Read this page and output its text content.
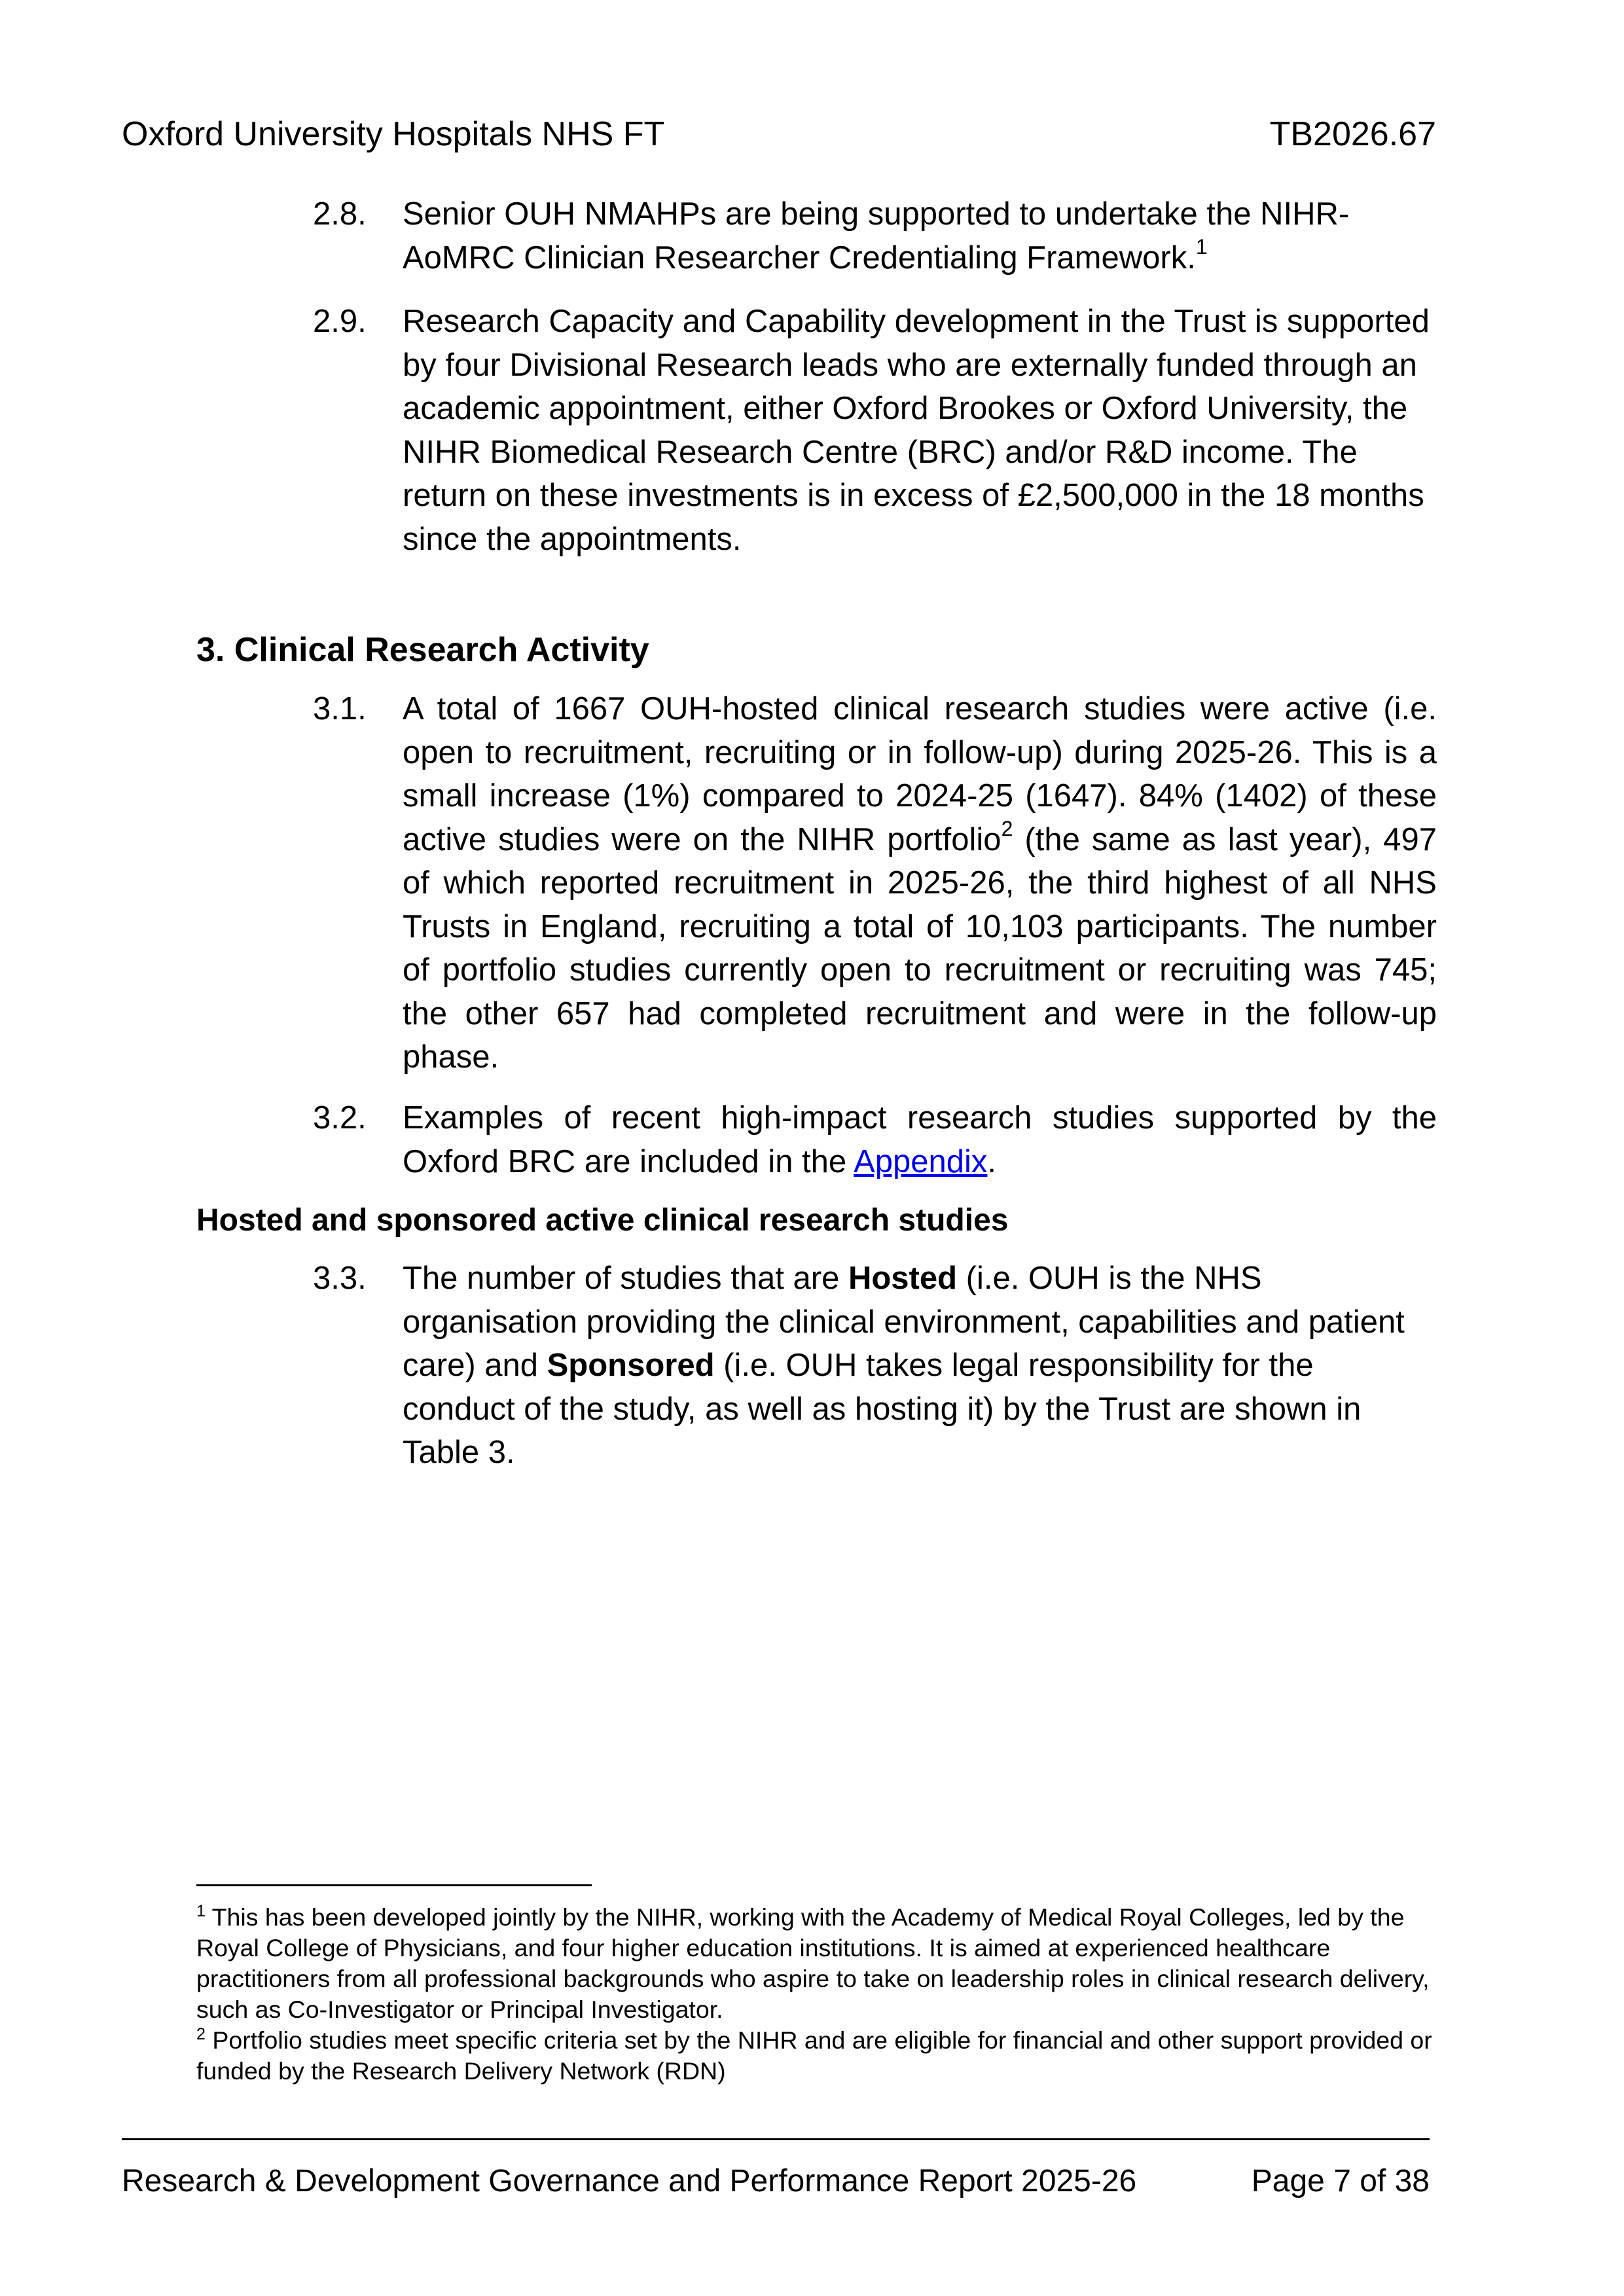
Oxford University Hospitals NHS FT	TB2026.67
2.8. Senior OUH NMAHPs are being supported to undertake the NIHR-AoMRC Clinician Researcher Credentialing Framework.$^1$
2.9. Research Capacity and Capability development in the Trust is supported by four Divisional Research leads who are externally funded through an academic appointment, either Oxford Brookes or Oxford University, the NIHR Biomedical Research Centre (BRC) and/or R&D income. The return on these investments is in excess of £2,500,000 in the 18 months since the appointments.
3. Clinical Research Activity
3.1. A total of 1667 OUH-hosted clinical research studies were active (i.e. open to recruitment, recruiting or in follow-up) during 2025-26. This is a small increase (1%) compared to 2024-25 (1647). 84% (1402) of these active studies were on the NIHR portfolio$^2$ (the same as last year), 497 of which reported recruitment in 2025-26, the third highest of all NHS Trusts in England, recruiting a total of 10,103 participants. The number of portfolio studies currently open to recruitment or recruiting was 745; the other 657 had completed recruitment and were in the follow-up phase.
3.2. Examples of recent high-impact research studies supported by the Oxford BRC are included in the Appendix.
Hosted and sponsored active clinical research studies
3.3. The number of studies that are Hosted (i.e. OUH is the NHS organisation providing the clinical environment, capabilities and patient care) and Sponsored (i.e. OUH takes legal responsibility for the conduct of the study, as well as hosting it) by the Trust are shown in Table 3.
$^1$ This has been developed jointly by the NIHR, working with the Academy of Medical Royal Colleges, led by the Royal College of Physicians, and four higher education institutions. It is aimed at experienced healthcare practitioners from all professional backgrounds who aspire to take on leadership roles in clinical research delivery, such as Co-Investigator or Principal Investigator.
$^2$ Portfolio studies meet specific criteria set by the NIHR and are eligible for financial and other support provided or funded by the Research Delivery Network (RDN)
Research & Development Governance and Performance Report 2025-26	Page 7 of 38
